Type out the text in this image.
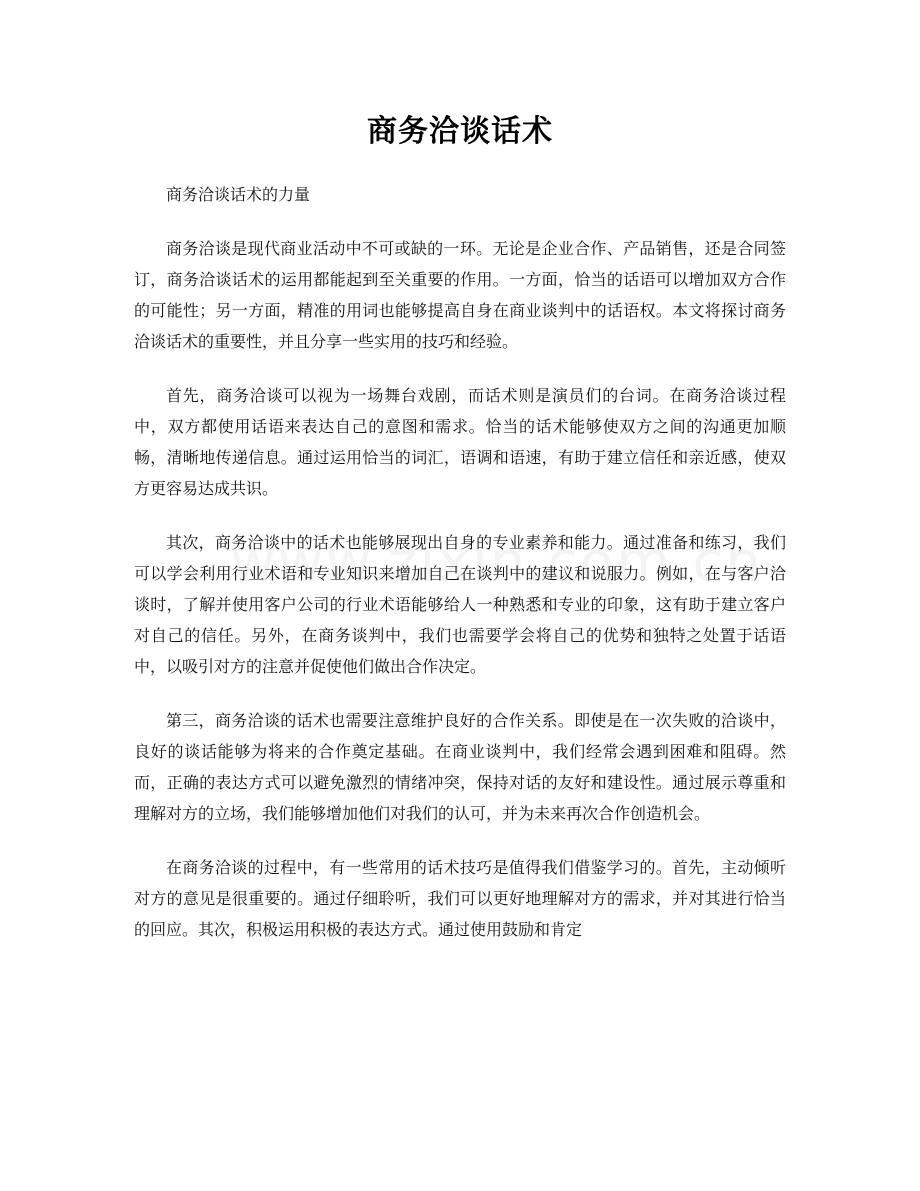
商务洽谈话术

商务洽谈话术的力量

商务洽谈是现代商业活动中不可或缺的一环。无论是企业合作、产品销售，还是合同签订，商务洽谈话术的运用都能起到至关重要的作用。一方面，恰当的话语可以增加双方合作的可能性；另一方面，精准的用词也能够提高自身在商业谈判中的话语权。本文将探讨商务洽谈话术的重要性，并且分享一些实用的技巧和经验。

首先，商务洽谈可以视为一场舞台戏剧，而话术则是演员们的台词。在商务洽谈过程中，双方都使用话语来表达自己的意图和需求。恰当的话术能够使双方之间的沟通更加顺畅，清晰地传递信息。通过运用恰当的词汇，语调和语速，有助于建立信任和亲近感，使双方更容易达成共识。

其次，商务洽谈中的话术也能够展现出自身的专业素养和能力。通过准备和练习，我们可以学会利用行业术语和专业知识来增加自己在谈判中的建议和说服力。例如，在与客户洽谈时，了解并使用客户公司的行业术语能够给人一种熟悉和专业的印象，这有助于建立客户对自己的信任。另外，在商务谈判中，我们也需要学会将自己的优势和独特之处置于话语中，以吸引对方的注意并促使他们做出合作决定。

第三，商务洽谈的话术也需要注意维护良好的合作关系。即使是在一次失败的洽谈中，良好的谈话能够为将来的合作奠定基础。在商业谈判中，我们经常会遇到困难和阻碍。然而，正确的表达方式可以避免激烈的情绪冲突，保持对话的友好和建设性。通过展示尊重和理解对方的立场，我们能够增加他们对我们的认可，并为未来再次合作创造机会。

在商务洽谈的过程中，有一些常用的话术技巧是值得我们借鉴学习的。首先，主动倾听对方的意见是很重要的。通过仔细聆听，我们可以更好地理解对方的需求，并对其进行恰当的回应。其次，积极运用积极的表达方式。通过使用鼓励和肯定
